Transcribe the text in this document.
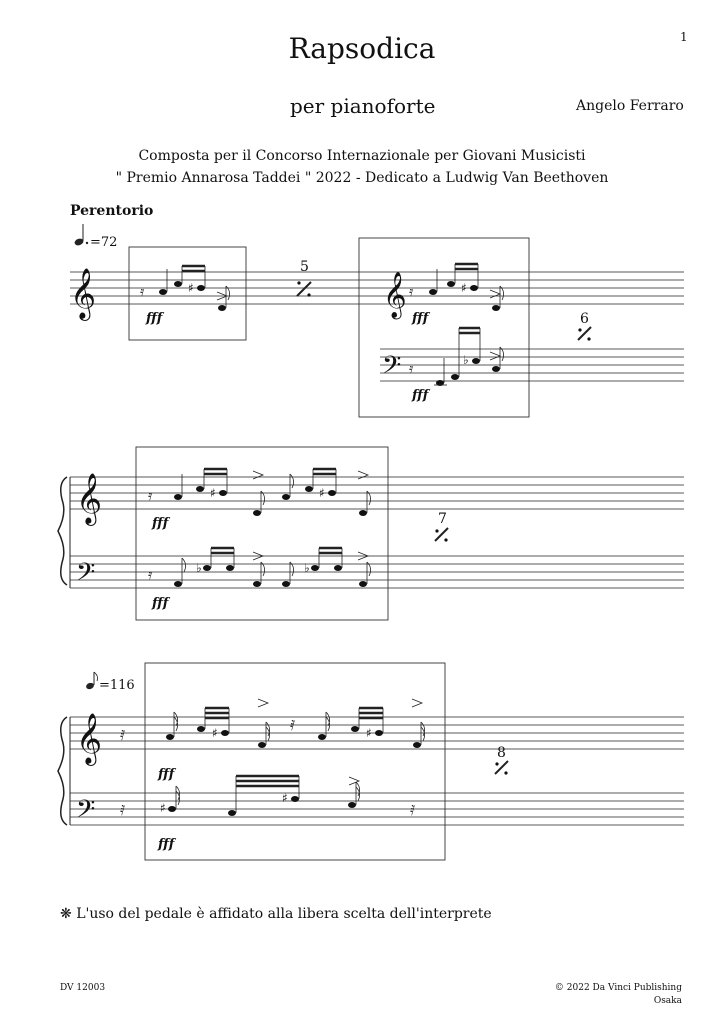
1
Rapsodica
per pianoforte	Angelo Ferraro
Composta per il Concorso Internazionale per Giovani Musicisti
" Premio Annarosa Taddei " 2022 - Dedicato a Ludwig Van Beethoven
Perentorio
=72
𝄞	𝄿	♯
fff
5
𝄞 𝄿	♯
fff
𝄢 𝄿
♭
fff
6
𝄞
𝄢
𝄿	♯	♯
fff
𝄿	♭	♭
fff
7
=116
𝄞
𝄢
𝅀	♯	𝅀	♯
fff
𝅀	♯
♯
𝅀
fff
8
❋ L'uso del pedale è affidato alla libera scelta dell'interprete
DV 12003	© 2022 Da Vinci Publishing
Osaka
